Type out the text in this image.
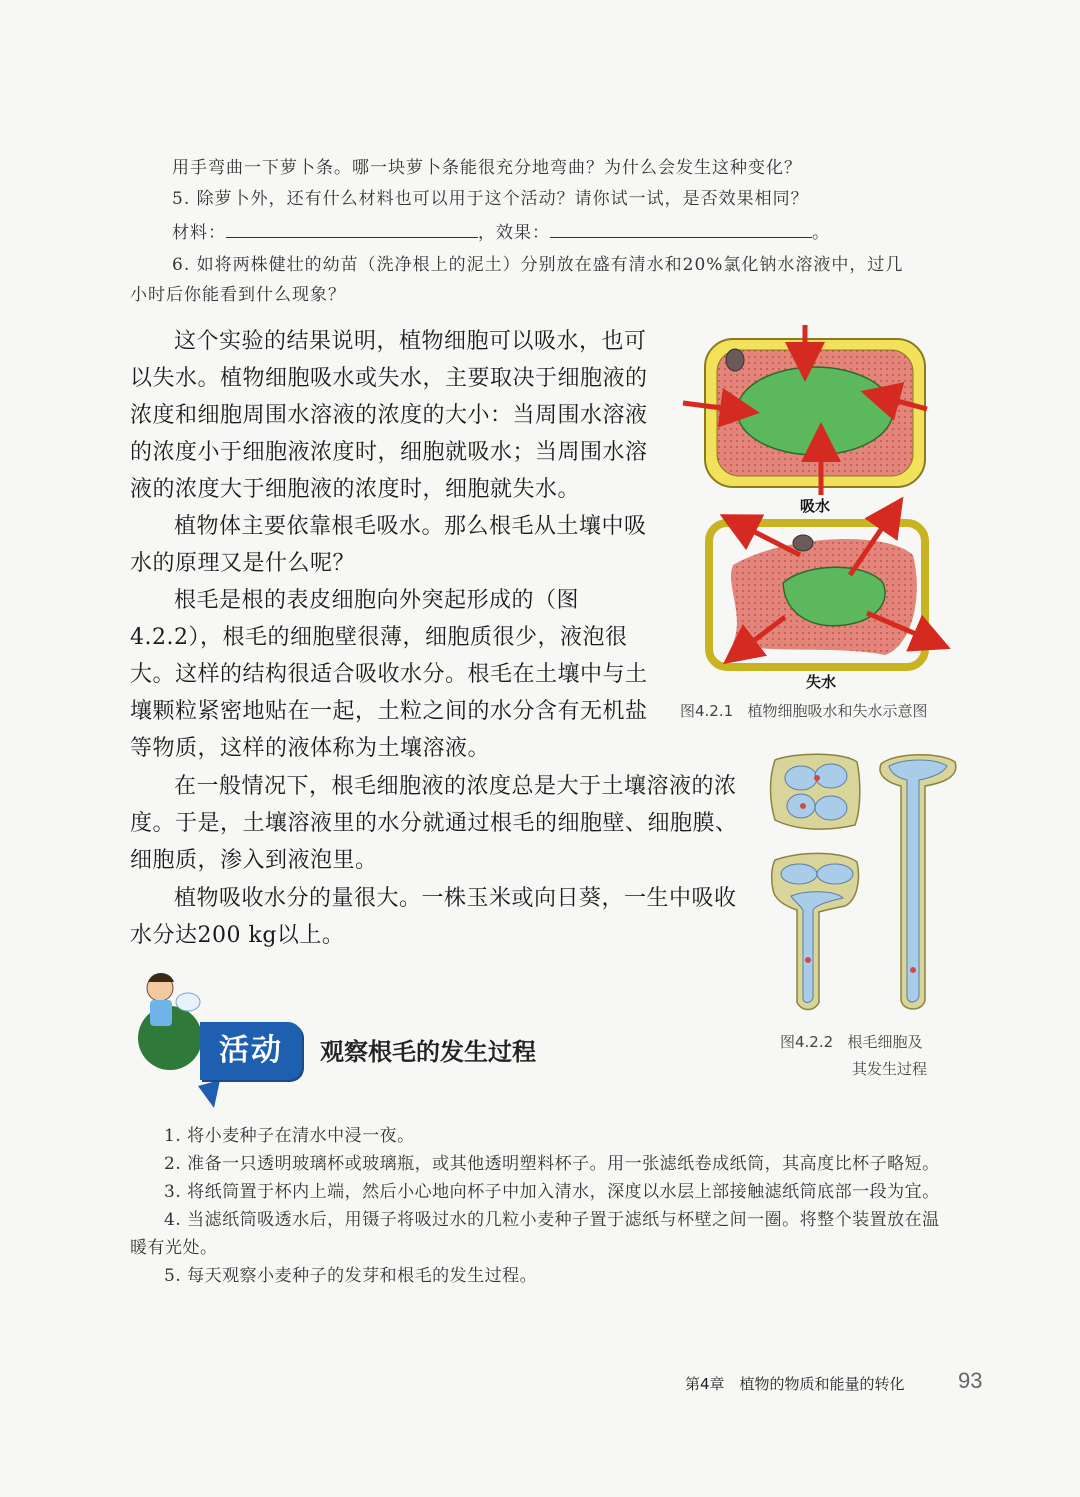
用手弯曲一下萝卜条。哪一块萝卜条能很充分地弯曲？为什么会发生这种变化？
5. 除萝卜外，还有什么材料也可以用于这个活动？请你试一试，是否效果相同？
材料：	，效果：	。
6. 如将两株健壮的幼苗（洗净根上的泥土）分别放在盛有清水和20%氯化钠水溶液中，过几
小时后你能看到什么现象？
这个实验的结果说明，植物细胞可以吸水，也可以失水。植物细胞吸水或失水，主要取决于细胞液的浓度和细胞周围水溶液的浓度的大小：当周围水溶液的浓度小于细胞液浓度时，细胞就吸水；当周围水溶液的浓度大于细胞液的浓度时，细胞就失水。
植物体主要依靠根毛吸水。那么根毛从土壤中吸水的原理又是什么呢？
根毛是根的表皮细胞向外突起形成的（图4.2.2），根毛的细胞壁很薄，细胞质很少，液泡很大。这样的结构很适合吸收水分。根毛在土壤中与土壤颗粒紧密地贴在一起，土粒之间的水分含有无机盐等物质，这样的液体称为土壤溶液。
在一般情况下，根毛细胞液的浓度总是大于土壤溶液的浓度。于是，土壤溶液里的水分就通过根毛的细胞壁、细胞膜、细胞质，渗入到液泡里。
植物吸收水分的量很大。一株玉米或向日葵，一生中吸收水分达200 kg以上。
吸水
失水
图4.2.1 植物细胞吸水和失水示意图
图4.2.2 根毛细胞及
其发生过程
活动	观察根毛的发生过程
1. 将小麦种子在清水中浸一夜。
2. 准备一只透明玻璃杯或玻璃瓶，或其他透明塑料杯子。用一张滤纸卷成纸筒，其高度比杯子略短。
3. 将纸筒置于杯内上端，然后小心地向杯子中加入清水，深度以水层上部接触滤纸筒底部一段为宜。
4. 当滤纸筒吸透水后，用镊子将吸过水的几粒小麦种子置于滤纸与杯壁之间一圈。将整个装置放在温暖有光处。
5. 每天观察小麦种子的发芽和根毛的发生过程。
第4章　植物的物质和能量的转化 93
